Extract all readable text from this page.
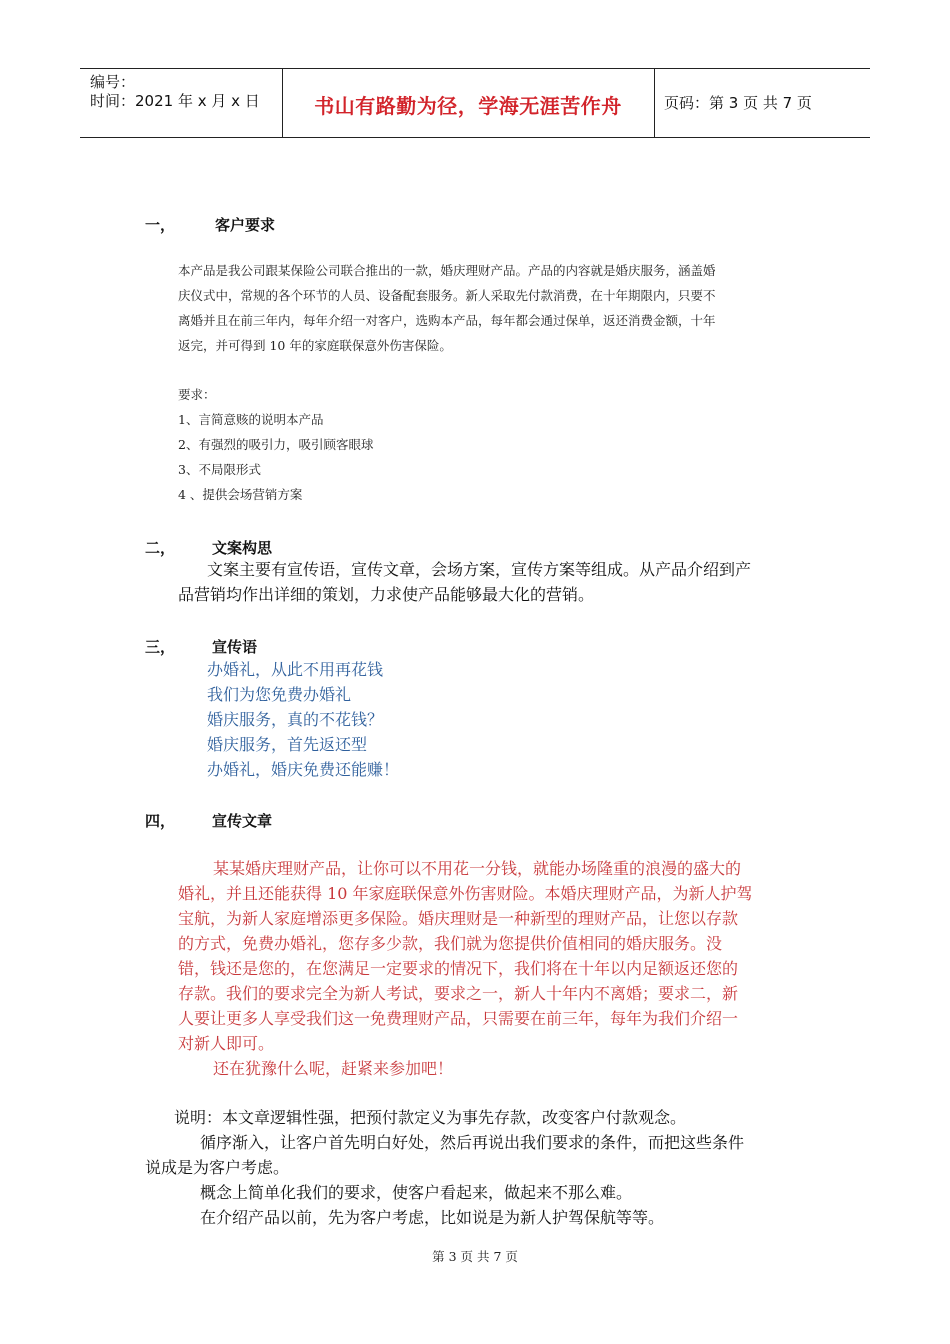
编号：
时间：2021 年 x 月 x 日	书山有路勤为径，学海无涯苦作舟	页码：第 3 页 共 7 页
一，	客户要求
本产品是我公司跟某保险公司联合推出的一款，婚庆理财产品。产品的内容就是婚庆服务，涵盖婚
庆仪式中，常规的各个环节的人员、设备配套服务。新人采取先付款消费，在十年期限内，只要不
离婚并且在前三年内，每年介绍一对客户，选购本产品，每年都会通过保单，返还消费金额，十年
返完，并可得到 10 年的家庭联保意外伤害保险。
要求：
1、言简意赅的说明本产品
2、有强烈的吸引力，吸引顾客眼球
3、不局限形式
4 、提供会场营销方案
二， 文案构思
文案主要有宣传语，宣传文章，会场方案，宣传方案等组成。从产品介绍到产
品营销均作出详细的策划，力求使产品能够最大化的营销。
三， 宣传语
办婚礼，从此不用再花钱
我们为您免费办婚礼
婚庆服务，真的不花钱？
婚庆服务，首先返还型
办婚礼，婚庆免费还能赚！
四， 宣传文章
某某婚庆理财产品，让你可以不用花一分钱，就能办场隆重的浪漫的盛大的
婚礼，并且还能获得 10 年家庭联保意外伤害财险。本婚庆理财产品，为新人护驾
宝航，为新人家庭增添更多保险。婚庆理财是一种新型的理财产品，让您以存款
的方式，免费办婚礼，您存多少款，我们就为您提供价值相同的婚庆服务。没
错，钱还是您的，在您满足一定要求的情况下，我们将在十年以内足额返还您的
存款。我们的要求完全为新人考试，要求之一，新人十年内不离婚；要求二，新
人要让更多人享受我们这一免费理财产品，只需要在前三年，每年为我们介绍一
对新人即可。
还在犹豫什么呢，赶紧来参加吧！
说明：本文章逻辑性强，把预付款定义为事先存款，改变客户付款观念。
循序渐入，让客户首先明白好处，然后再说出我们要求的条件，而把这些条件
说成是为客户考虑。
概念上简单化我们的要求，使客户看起来，做起来不那么难。
在介绍产品以前，先为客户考虑，比如说是为新人护驾保航等等。
第 3 页 共 7 页
